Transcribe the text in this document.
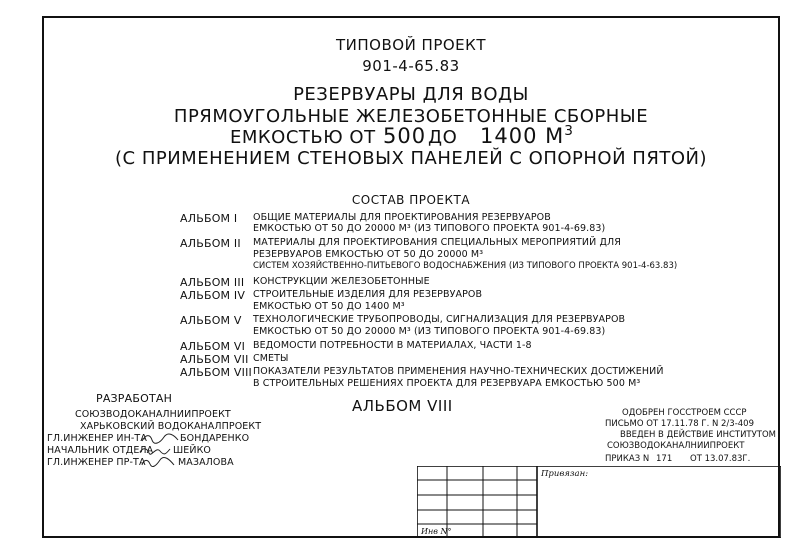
ТИПОВОЙ ПРОЕКТ
901-4-65.83
РЕЗЕРВУАРЫ ДЛЯ ВОДЫ
ПРЯМОУГОЛЬНЫЕ ЖЕЛЕЗОБЕТОННЫЕ СБОРНЫЕ
ЕМКОСТЬЮ ОТ 500 ДО 1400 $М^3$
(С ПРИМЕНЕНИЕМ СТЕНОВЫХ ПАНЕЛЕЙ С ОПОРНОЙ ПЯТОЙ)
СОСТАВ ПРОЕКТА
АЛЬБОМ I ОБЩИЕ МАТЕРИАЛЫ ДЛЯ ПРОЕКТИРОВАНИЯ РЕЗЕРВУАРОВ
ЕМКОСТЬЮ ОТ 50 ДО 20000 М³ (ИЗ ТИПОВОГО ПРОЕКТА 901-4-69.83)
АЛЬБОМ II МАТЕРИАЛЫ ДЛЯ ПРОЕКТИРОВАНИЯ СПЕЦИАЛЬНЫХ МЕРОПРИЯТИЙ ДЛЯ
РЕЗЕРВУАРОВ ЕМКОСТЬЮ ОТ 50 ДО 20000 М³
СИСТЕМ ХОЗЯЙСТВЕННО-ПИТЬЕВОГО ВОДОСНАБЖЕНИЯ (ИЗ ТИПОВОГО ПРОЕКТА 901-4-63.83)
АЛЬБОМ III КОНСТРУКЦИИ ЖЕЛЕЗОБЕТОННЫЕ
АЛЬБОМ IV СТРОИТЕЛЬНЫЕ ИЗДЕЛИЯ ДЛЯ РЕЗЕРВУАРОВ
ЕМКОСТЬЮ ОТ 50 ДО 1400 М³
АЛЬБОМ V ТЕХНОЛОГИЧЕСКИЕ ТРУБОПРОВОДЫ, СИГНАЛИЗАЦИЯ ДЛЯ РЕЗЕРВУАРОВ
ЕМКОСТЬЮ ОТ 50 ДО 20000 М³ (ИЗ ТИПОВОГО ПРОЕКТА 901-4-69.83)
АЛЬБОМ VI ВЕДОМОСТИ ПОТРЕБНОСТИ В МАТЕРИАЛАХ, ЧАСТИ 1-8
АЛЬБОМ VII СМЕТЫ
АЛЬБОМ VIII ПОКАЗАТЕЛИ РЕЗУЛЬТАТОВ ПРИМЕНЕНИЯ НАУЧНО-ТЕХНИЧЕСКИХ ДОСТИЖЕНИЙ
В СТРОИТЕЛЬНЫХ РЕШЕНИЯХ ПРОЕКТА ДЛЯ РЕЗЕРВУАРА ЕМКОСТЬЮ 500 М³
АЛЬБОМ VIII
РАЗРАБОТАН
СОЮЗВОДОКАНАЛНИИПРОЕКТ
ХАРЬКОВСКИЙ ВОДОКАНАЛПРОЕКТ
ГЛ.ИНЖЕНЕР ИН-ТА	БОНДАРЕНКО
НАЧАЛЬНИК ОТДЕЛА ШЕЙКО
ГЛ.ИНЖЕНЕР ПР-ТА	МАЗАЛОВА
ОДОБРЕН ГОССТРОЕМ СССР
ПИСЬМО ОТ 17.11.78 Г. N 2/3-409
ВВЕДЕН В ДЕЙСТВИЕ ИНСТИТУТОМ
СОЮЗВОДОКАНАЛНИИПРОЕКТ
ПРИКАЗ N 171 ОТ 13.07.83Г.
Привязан:
Инв N°
